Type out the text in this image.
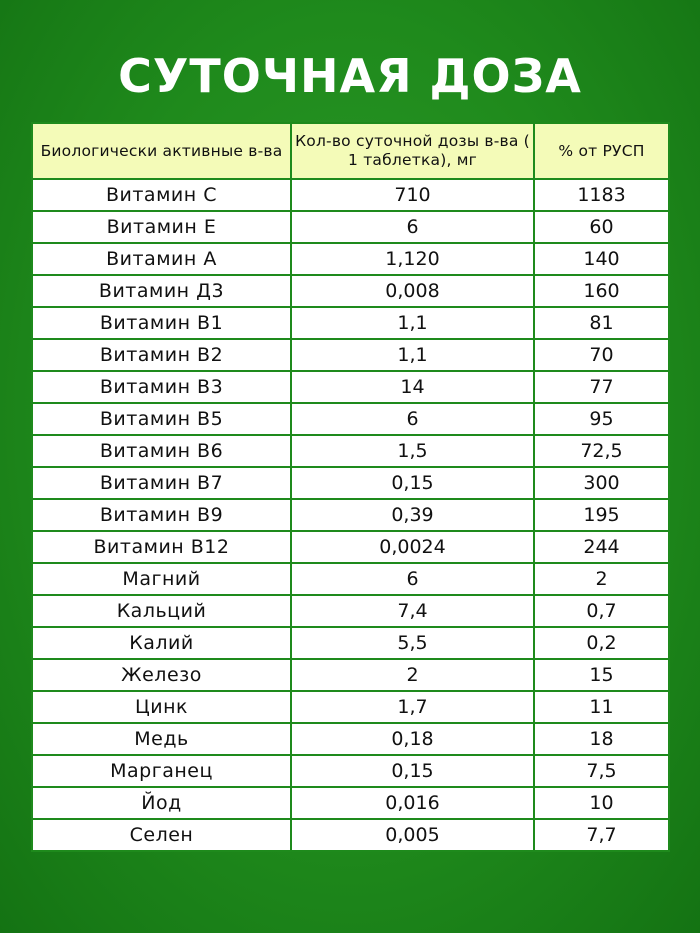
СУТОЧНАЯ ДОЗА
Биологически активные в-ва	Кол-во суточной дозы в-ва ( 1 таблетка), мг	% от РУСП
Витамин С	710	1183
Витамин Е	6	60
Витамин А	1,120	140
Витамин Д3	0,008	160
Витамин В1	1,1	81
Витамин В2	1,1	70
Витамин В3	14	77
Витамин В5	6	95
Витамин В6	1,5	72,5
Витамин В7	0,15	300
Витамин В9	0,39	195
Витамин В12	0,0024	244
Магний	6	2
Кальций	7,4	0,7
Калий	5,5	0,2
Железо	2	15
Цинк	1,7	11
Медь	0,18	18
Марганец	0,15	7,5
Йод	0,016	10
Селен	0,005	7,7
